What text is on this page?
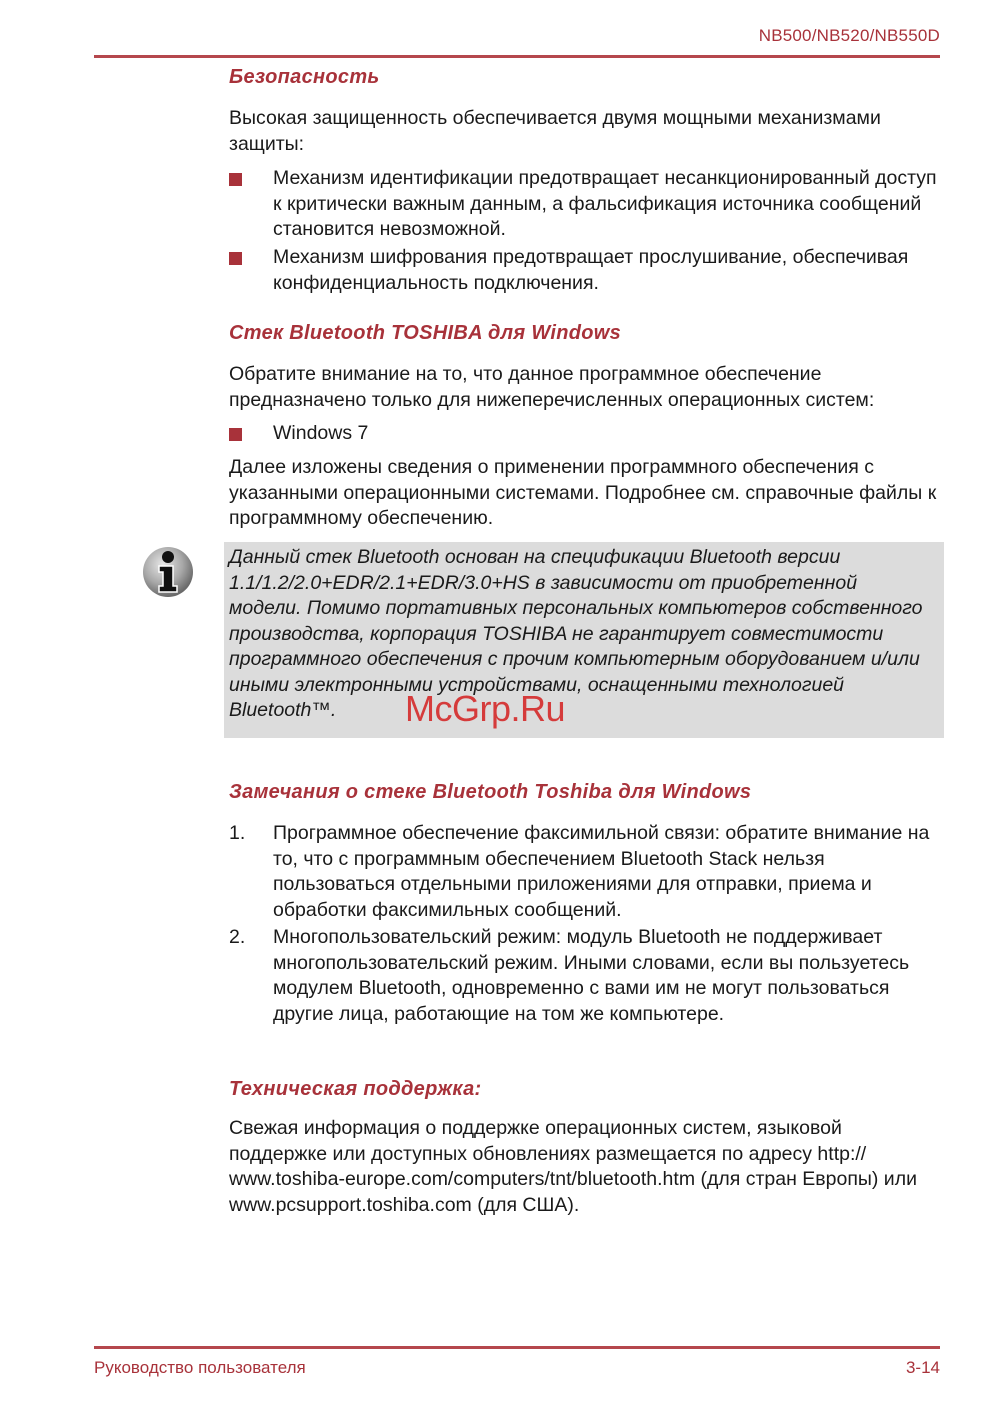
NB500/NB520/NB550D
Безопасность
Высокая защищенность обеспечивается двумя мощными механизмами защиты:
Механизм идентификации предотвращает несанкционированный доступ к критически важным данным, а фальсификация источника сообщений становится невозможной.
Механизм шифрования предотвращает прослушивание, обеспечивая конфиденциальность подключения.
Стек Bluetooth TOSHIBA для Windows
Обратите внимание на то, что данное программное обеспечение предназначено только для нижеперечисленных операционных систем:
Windows 7
Далее изложены сведения о применении программного обеспечения с указанными операционными системами. Подробнее см. справочные файлы к программному обеспечению.
Данный стек Bluetooth основан на спецификации Bluetooth версии 1.1/1.2/2.0+EDR/2.1+EDR/3.0+HS в зависимости от приобретенной модели. Помимо портативных персональных компьютеров собственного производства, корпорация TOSHIBA не гарантирует совместимости программного обеспечения с прочим компьютерным оборудованием и/или иными электронными устройствами, оснащенными технологией Bluetooth™.	McGrp.Ru
Замечания о стеке Bluetooth Toshiba для Windows
1. Программное обеспечение факсимильной связи: обратите внимание на то, что с программным обеспечением Bluetooth Stack нельзя пользоваться отдельными приложениями для отправки, приема и обработки факсимильных сообщений.
2. Многопользовательский режим: модуль Bluetooth не поддерживает многопользовательский режим. Иными словами, если вы пользуетесь модулем Bluetooth, одновременно с вами им не могут пользоваться другие лица, работающие на том же компьютере.
Техническая поддержка:
Свежая информация о поддержке операционных систем, языковой поддержке или доступных обновлениях размещается по адресу http:// www.toshiba-europe.com/computers/tnt/bluetooth.htm (для стран Европы) или www.pcsupport.toshiba.com (для США).
Руководство пользователя	3-14
